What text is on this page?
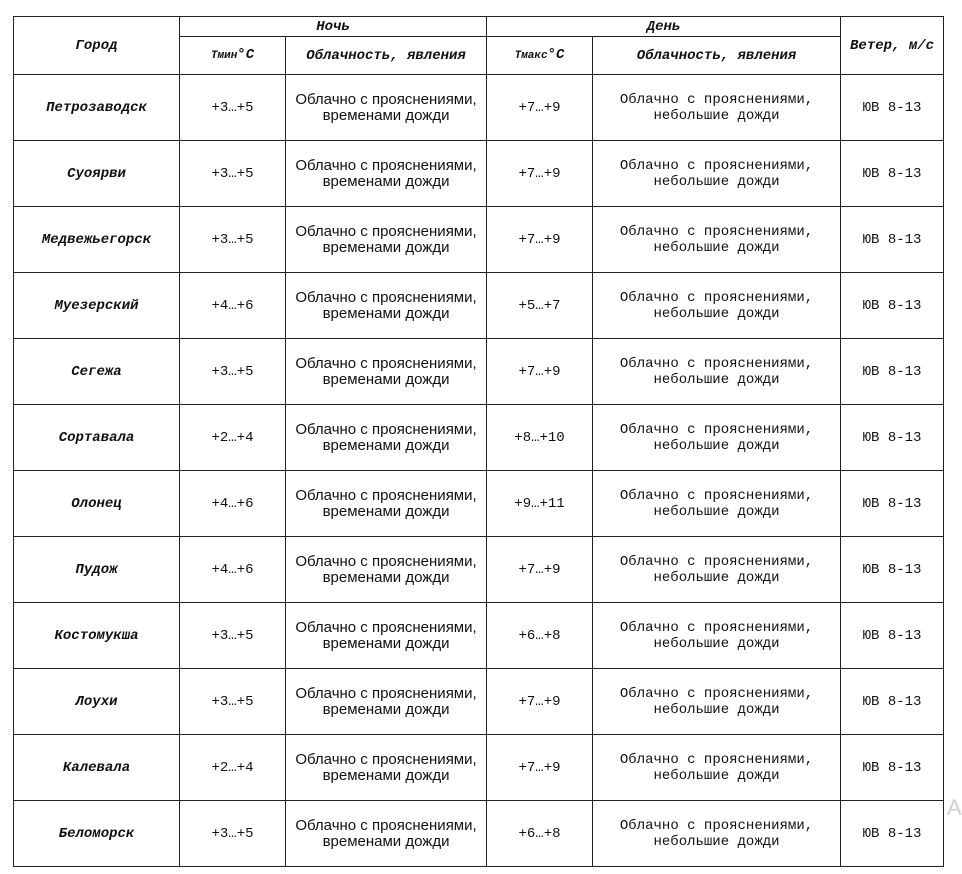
Город	Ночь		День		Ветер, м/с
	Тмин°С	Облачность, явления	Тмакс°С	Облачность, явления	
Петрозаводск	+3…+5	Облачно с прояснениями, временами дожди	+7…+9	Облачно с прояснениями, небольшие дожди	ЮВ 8-13
Суоярви	+3…+5	Облачно с прояснениями, временами дожди	+7…+9	Облачно с прояснениями, небольшие дожди	ЮВ 8-13
Медвежьегорск	+3…+5	Облачно с прояснениями, временами дожди	+7…+9	Облачно с прояснениями, небольшие дожди	ЮВ 8-13
Муезерский	+4…+6	Облачно с прояснениями, временами дожди	+5…+7	Облачно с прояснениями, небольшие дожди	ЮВ 8-13
Сегежа	+3…+5	Облачно с прояснениями, временами дожди	+7…+9	Облачно с прояснениями, небольшие дожди	ЮВ 8-13
Сортавала	+2…+4	Облачно с прояснениями, временами дожди	+8…+10	Облачно с прояснениями, небольшие дожди	ЮВ 8-13
Олонец	+4…+6	Облачно с прояснениями, временами дожди	+9…+11	Облачно с прояснениями, небольшие дожди	ЮВ 8-13
Пудож	+4…+6	Облачно с прояснениями, временами дожди	+7…+9	Облачно с прояснениями, небольшие дожди	ЮВ 8-13
Костомукша	+3…+5	Облачно с прояснениями, временами дожди	+6…+8	Облачно с прояснениями, небольшие дожди	ЮВ 8-13
Лоухи	+3…+5	Облачно с прояснениями, временами дожди	+7…+9	Облачно с прояснениями, небольшие дожди	ЮВ 8-13
Калевала	+2…+4	Облачно с прояснениями, временами дожди	+7…+9	Облачно с прояснениями, небольшие дожди	ЮВ 8-13
Беломорск	+3…+5	Облачно с прояснениями, временами дожди	+6…+8	Облачно с прояснениями, небольшие дожди	ЮВ 8-13
A
